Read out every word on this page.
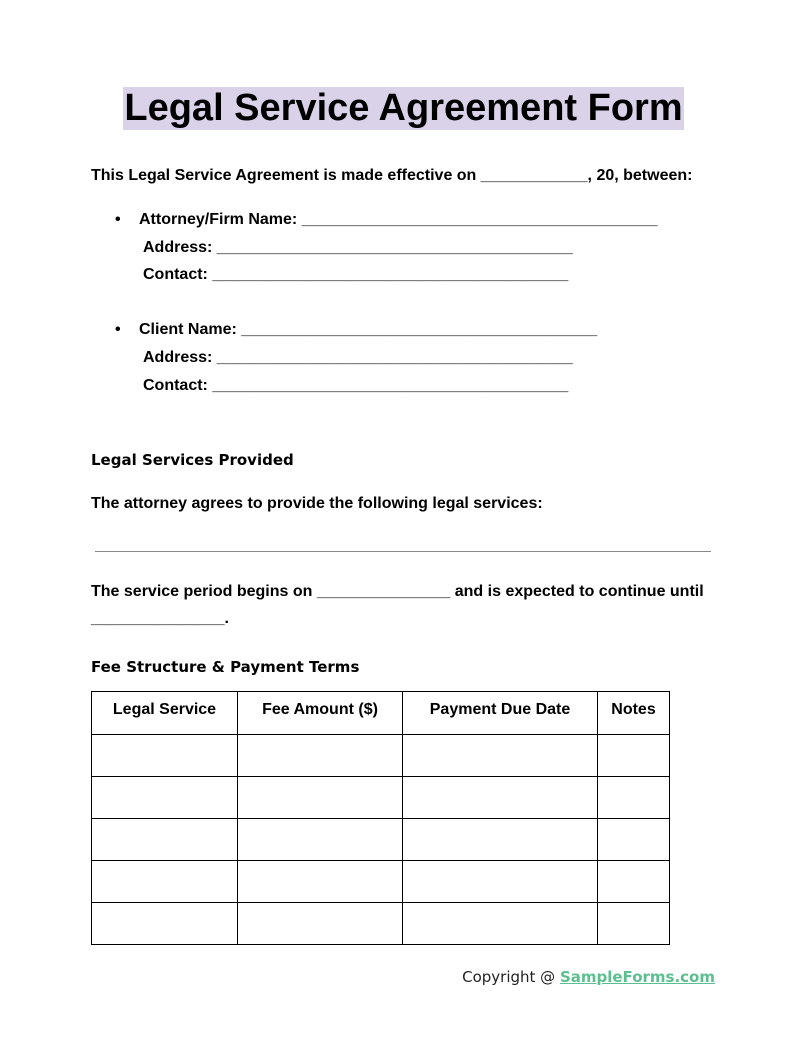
Legal Service Agreement Form
This Legal Service Agreement is made effective on ____________, 20, between:
• Attorney/Firm Name: ________________________________________
Address: ________________________________________
Contact: ________________________________________
• Client Name: ________________________________________
Address: ________________________________________
Contact: ________________________________________
Legal Services Provided
The attorney agrees to provide the following legal services:
The service period begins on _______________ and is expected to continue until
_______________.
Fee Structure & Payment Terms
Legal Service	Fee Amount ($)	Payment Due Date	Notes

Copyright @ SampleForms.com
